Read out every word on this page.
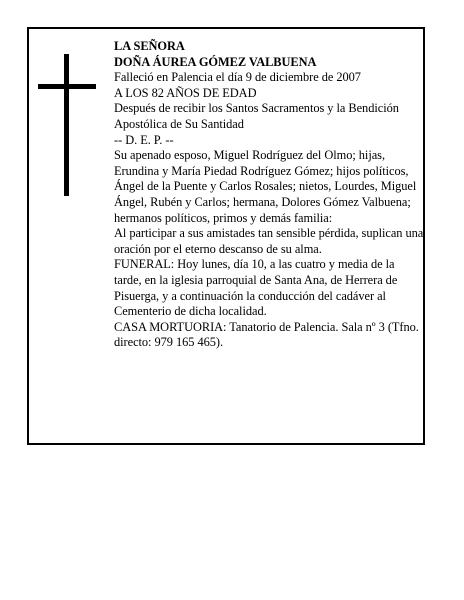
LA SEÑORA

DOÑA ÁUREA GÓMEZ VALBUENA

Falleció en Palencia el día 9 de diciembre de 2007

A LOS 82 AÑOS DE EDAD

Después de recibir los Santos Sacramentos y la Bendición Apostólica de Su Santidad

-- D. E. P. --

Su apenado esposo, Miguel Rodríguez del Olmo; hijas, Erundina y María Piedad Rodríguez Gómez; hijos políticos, Ángel de la Puente y Carlos Rosales; nietos, Lourdes, Miguel Ángel, Rubén y Carlos; hermana, Dolores Gómez Valbuena; hermanos políticos, primos y demás familia:

Al participar a sus amistades tan sensible pérdida, suplican una oración por el eterno descanso de su alma.

FUNERAL: Hoy lunes, día 10, a las cuatro y media de la tarde, en la iglesia parroquial de Santa Ana, de Herrera de Pisuerga, y a continuación la conducción del cadáver al Cementerio de dicha localidad.

CASA MORTUORIA: Tanatorio de Palencia. Sala nº 3 (Tfno. directo: 979 165 465).
